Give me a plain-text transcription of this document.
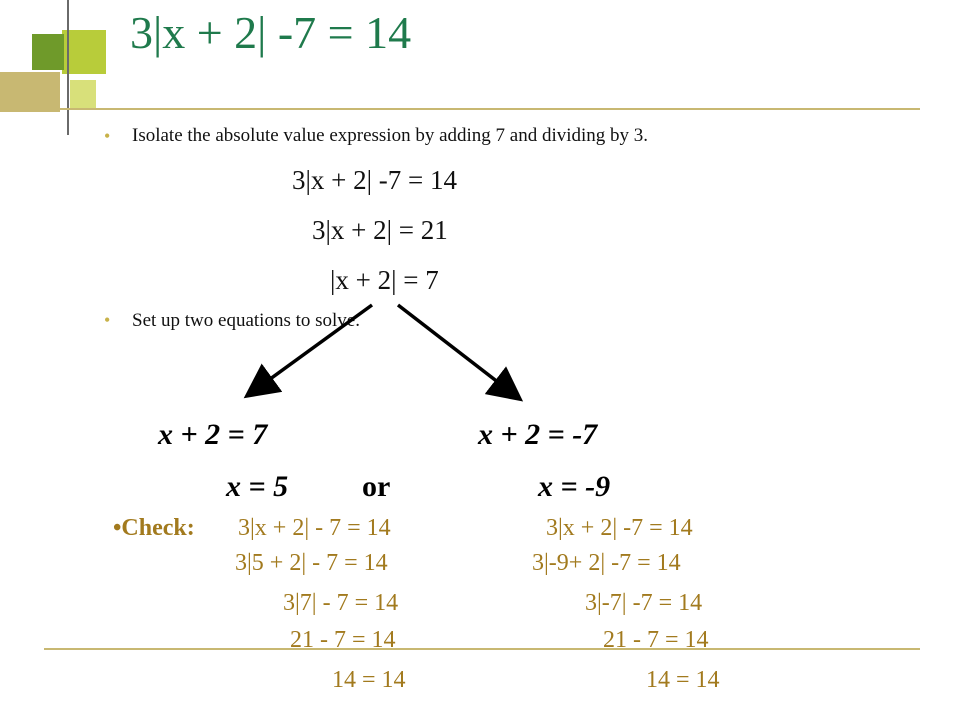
3|x + 2| -7 = 14
• Isolate the absolute value expression by adding 7 and dividing by 3.
3|x + 2| -7 = 14
3|x + 2| = 21
|x + 2| = 7
• Set up two equations to solve.
x + 2 = 7	x + 2 = -7
x = 5 or	x = -9
•Check: 3|x + 2| - 7 = 14
3|5 + 2| - 7 = 14
3|7| - 7 = 14
21 - 7 = 14
14 = 14
3|x + 2| -7 = 14
3|-9+ 2| -7 = 14
3|-7| -7 = 14
21 - 7 = 14
14 = 14
